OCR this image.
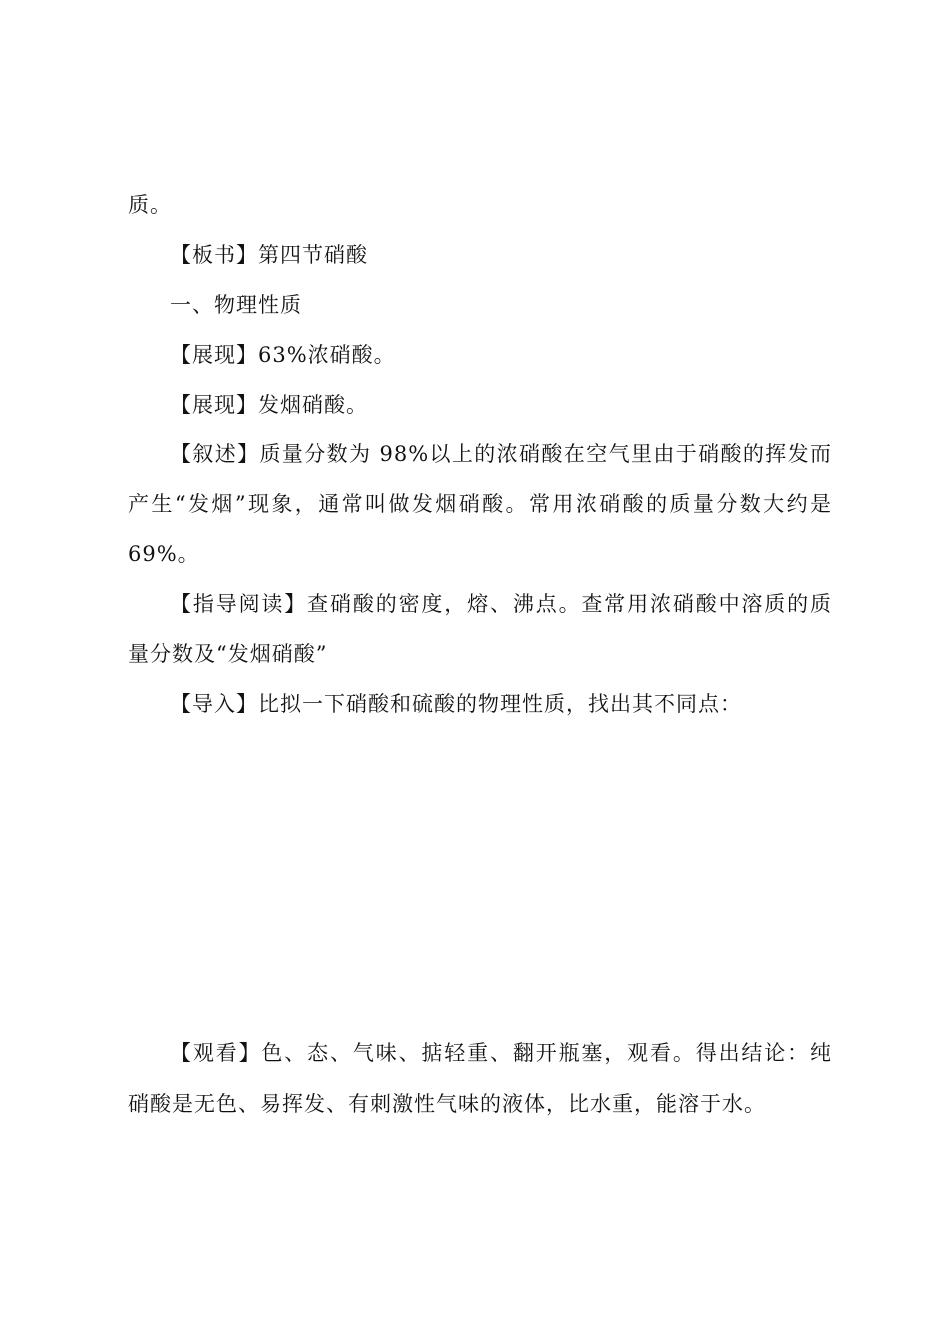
质。
【板书】第四节硝酸
一、物理性质
【展现】63%浓硝酸。
【展现】发烟硝酸。
【叙述】质量分数为 98%以上的浓硝酸在空气里由于硝酸的挥发而
产生“发烟”现象，通常叫做发烟硝酸。常用浓硝酸的质量分数大约是
69%。
【指导阅读】查硝酸的密度，熔、沸点。查常用浓硝酸中溶质的质
量分数及“发烟硝酸”
【导入】比拟一下硝酸和硫酸的物理性质，找出其不同点：
【观看】色、态、气味、掂轻重、翻开瓶塞，观看。得出结论：纯
硝酸是无色、易挥发、有刺激性气味的液体，比水重，能溶于水。
